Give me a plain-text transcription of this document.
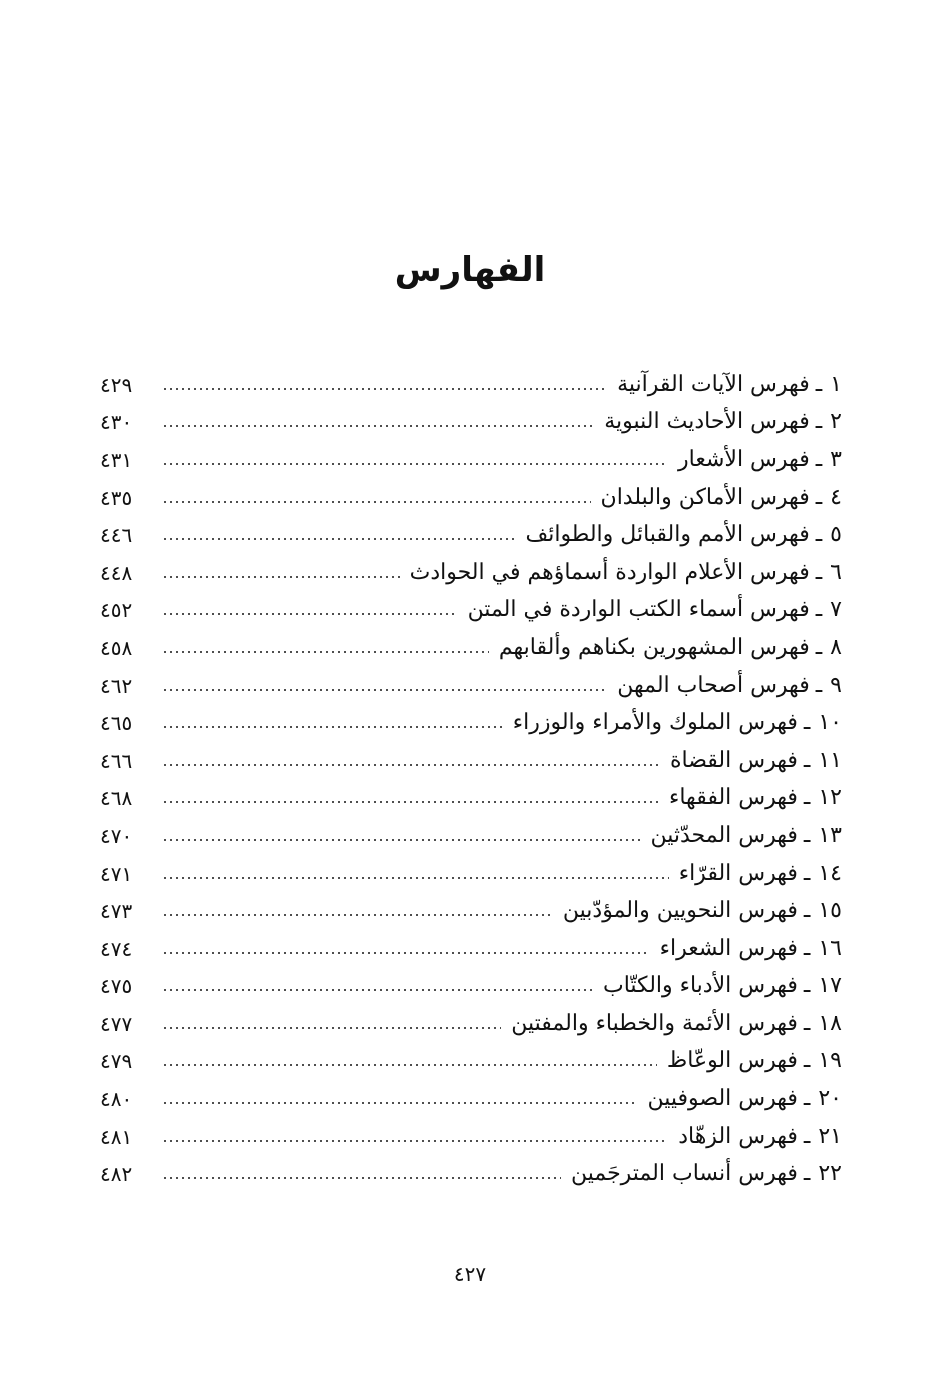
الفهارس
١
ـ
فهرس الآيات القرآنية
٤٢٩
٢
ـ
فهرس الأحاديث النبوية
٤٣٠
٣
ـ
فهرس الأشعار
٤٣١
٤
ـ
فهرس الأماكن والبلدان
٤٣٥
٥
ـ
فهرس الأمم والقبائل والطوائف
٤٤٦
٦
ـ
فهرس الأعلام الواردة أسماؤهم في الحوادث
٤٤٨
٧
ـ
فهرس أسماء الكتب الواردة في المتن
٤٥٢
٨
ـ
فهرس المشهورين بكناهم وألقابهم
٤٥٨
٩
ـ
فهرس أصحاب المهن
٤٦٢
١٠
ـ
فهرس الملوك والأمراء والوزراء
٤٦٥
١١
ـ
فهرس القضاة
٤٦٦
١٢
ـ
فهرس الفقهاء
٤٦٨
١٣
ـ
فهرس المحدّثين
٤٧٠
١٤
ـ
فهرس القرّاء
٤٧١
١٥
ـ
فهرس النحويين والمؤدّبين
٤٧٣
١٦
ـ
فهرس الشعراء
٤٧٤
١٧
ـ
فهرس الأدباء والكتّاب
٤٧٥
١٨
ـ
فهرس الأئمة والخطباء والمفتين
٤٧٧
١٩
ـ
فهرس الوعّاظ
٤٧٩
٢٠
ـ
فهرس الصوفيين
٤٨٠
٢١
ـ
فهرس الزهّاد
٤٨١
٢٢
ـ
فهرس أنساب المترجَمين
٤٨٢
٤٢٧
